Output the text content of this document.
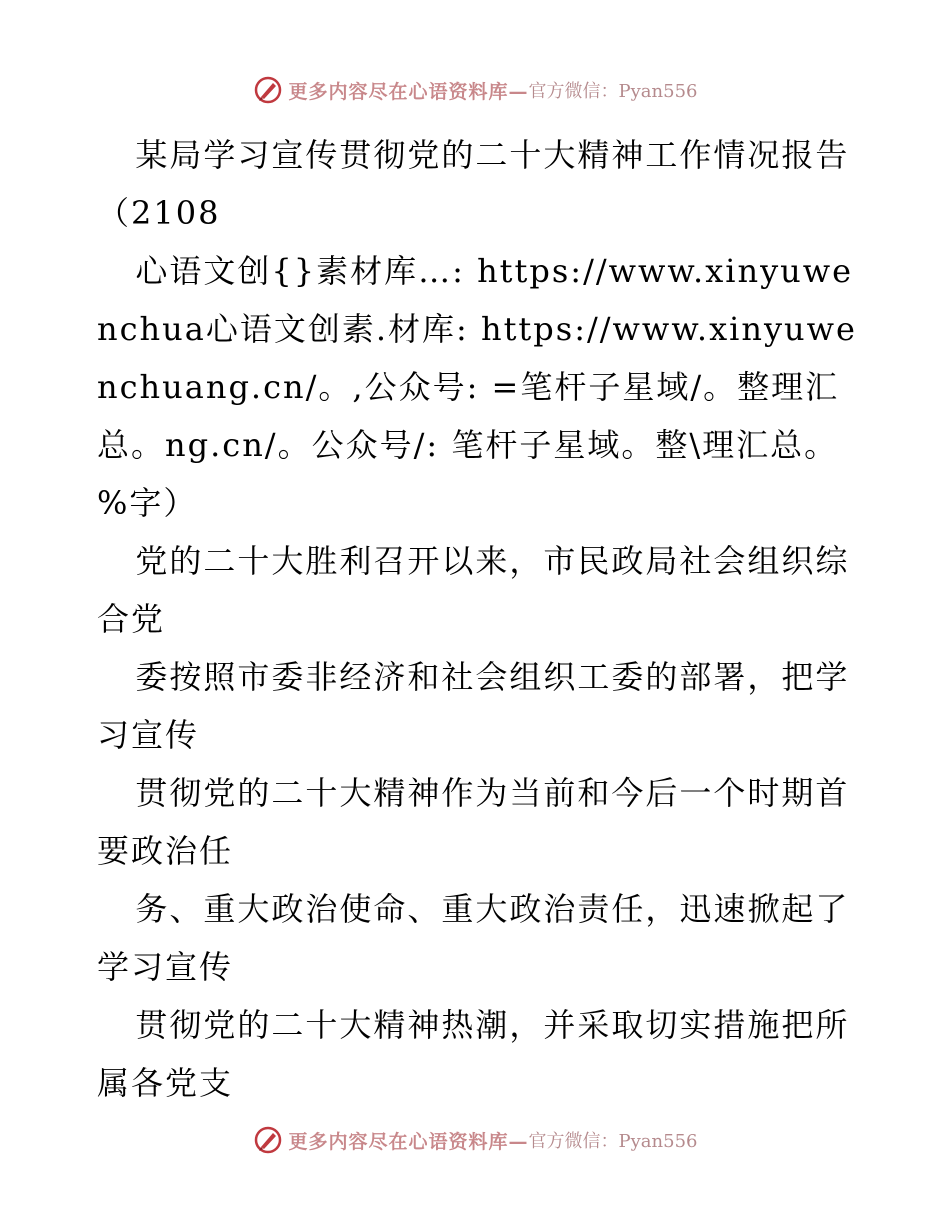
更多内容尽在心语资料库— 官方微信：Pyan556

某局学习宣传贯彻党的二十大精神工作情况报告（2108

心语文创{}素材库…: https://www.xinyuwenchua心语文创素.材库: https://www.xinyuwenchuang.cn/。,公众号: =笔杆子星域/。整理汇总。ng.cn/。公众号/: 笔杆子星域。整\理汇总。%字）

党的二十大胜利召开以来，市民政局社会组织综合党

委按照市委非经济和社会组织工委的部署，把学习宣传

贯彻党的二十大精神作为当前和今后一个时期首要政治任

务、重大政治使命、重大政治责任，迅速掀起了学习宣传

贯彻党的二十大精神热潮，并采取切实措施把所属各党支

更多内容尽在心语资料库— 官方微信：Pyan556
